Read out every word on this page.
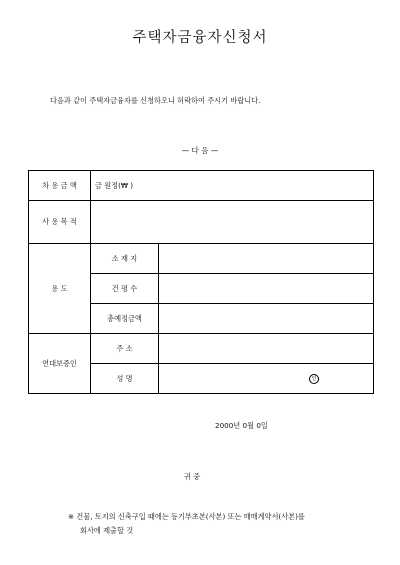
주택자금융자신청서
다음과 같이 주택자금융자를 신청하오니 허락하여 주시기 바랍니다.
— 다 음 —
차 용 금 액	금 원정(₩ )	
사 용 목 적		
용 도	소 재 지	
	건 평 수	
	총예정금액	
연대보증인	주 소	
	성 명	인
2000년 0월 0일
귀 중
※ 건물, 토지의 신축구입 때에는 등기부초본(사본) 또는 매매계약서(사본)를
회사에 제출할 것
